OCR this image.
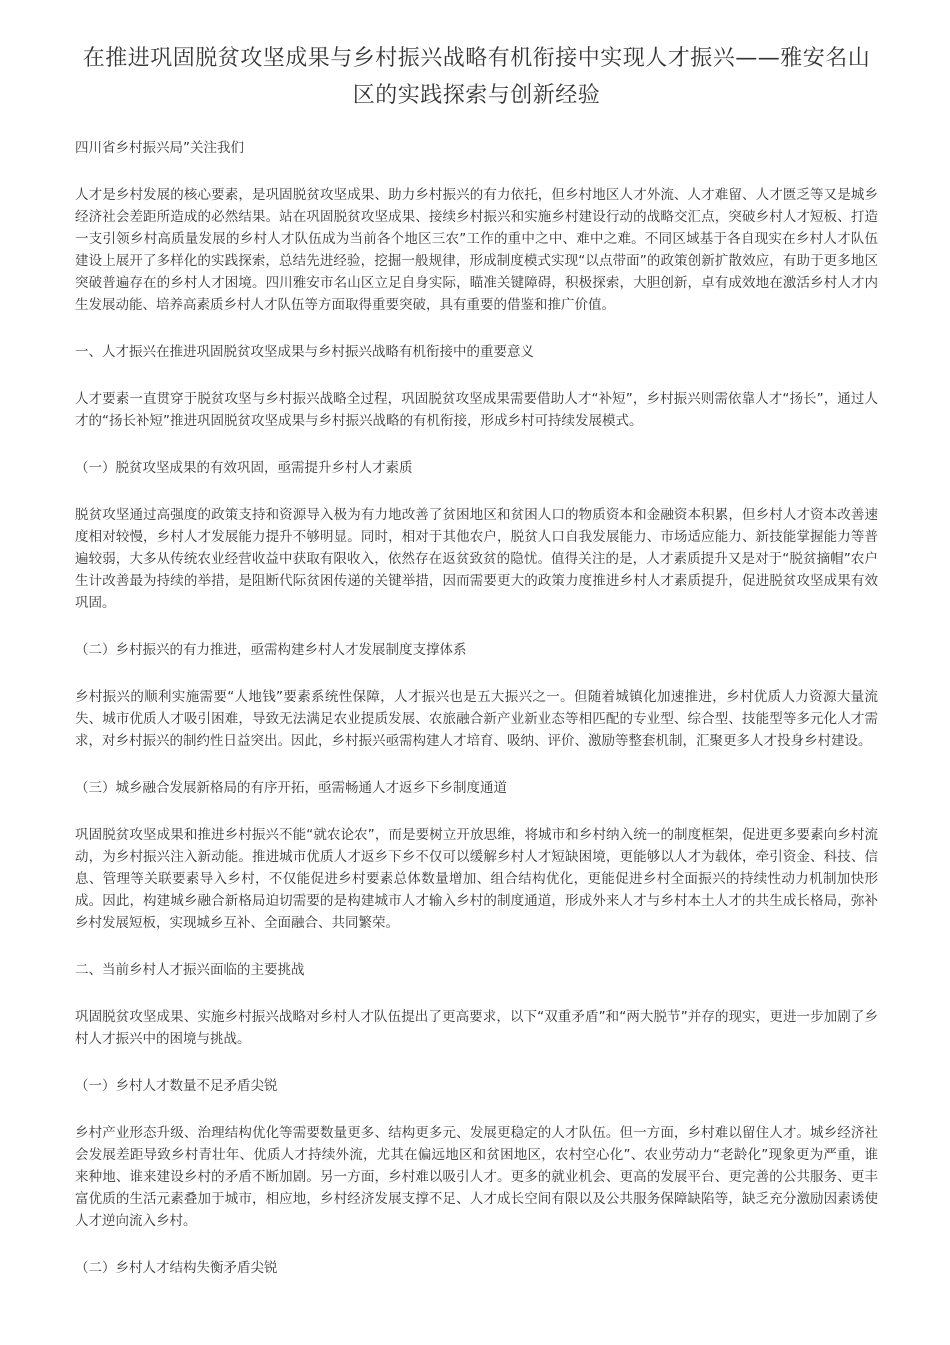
在推进巩固脱贫攻坚成果与乡村振兴战略有机衔接中实现人才振兴——雅安名山区的实践探索与创新经验

四川省乡村振兴局”关注我们

人才是乡村发展的核心要素，是巩固脱贫攻坚成果、助力乡村振兴的有力依托，但乡村地区人才外流、人才难留、人才匮乏等又是城乡经济社会差距所造成的必然结果。站在巩固脱贫攻坚成果、接续乡村振兴和实施乡村建设行动的战略交汇点，突破乡村人才短板、打造一支引领乡村高质量发展的乡村人才队伍成为当前各个地区三农”工作的重中之中、难中之难。不同区域基于各自现实在乡村人才队伍建设上展开了多样化的实践探索，总结先进经验，挖掘一般规律，形成制度模式实现“以点带面”的政策创新扩散效应，有助于更多地区突破普遍存在的乡村人才困境。四川雅安市名山区立足自身实际，瞄准关键障碍，积极探索，大胆创新，卓有成效地在激活乡村人才内生发展动能、培养高素质乡村人才队伍等方面取得重要突破，具有重要的借鉴和推广价值。

一、人才振兴在推进巩固脱贫攻坚成果与乡村振兴战略有机衔接中的重要意义

人才要素一直贯穿于脱贫攻坚与乡村振兴战略全过程，巩固脱贫攻坚成果需要借助人才“补短”，乡村振兴则需依靠人才“扬长”，通过人才的“扬长补短”推进巩固脱贫攻坚成果与乡村振兴战略的有机衔接，形成乡村可持续发展模式。

（一）脱贫攻坚成果的有效巩固，亟需提升乡村人才素质

脱贫攻坚通过高强度的政策支持和资源导入极为有力地改善了贫困地区和贫困人口的物质资本和金融资本积累，但乡村人才资本改善速度相对较慢，乡村人才发展能力提升不够明显。同时，相对于其他农户，脱贫人口自我发展能力、市场适应能力、新技能掌握能力等普遍较弱，大多从传统农业经营收益中获取有限收入，依然存在返贫致贫的隐忧。值得关注的是，人才素质提升又是对于“脱贫摘帽”农户生计改善最为持续的举措，是阻断代际贫困传递的关键举措，因而需要更大的政策力度推进乡村人才素质提升，促进脱贫攻坚成果有效巩固。

（二）乡村振兴的有力推进，亟需构建乡村人才发展制度支撑体系

乡村振兴的顺利实施需要“人地钱”要素系统性保障，人才振兴也是五大振兴之一。但随着城镇化加速推进，乡村优质人力资源大量流失、城市优质人才吸引困难，导致无法满足农业提质发展、农旅融合新产业新业态等相匹配的专业型、综合型、技能型等多元化人才需求，对乡村振兴的制约性日益突出。因此，乡村振兴亟需构建人才培育、吸纳、评价、激励等整套机制，汇聚更多人才投身乡村建设。

（三）城乡融合发展新格局的有序开拓，亟需畅通人才返乡下乡制度通道

巩固脱贫攻坚成果和推进乡村振兴不能“就农论农”，而是要树立开放思维，将城市和乡村纳入统一的制度框架，促进更多要素向乡村流动，为乡村振兴注入新动能。推进城市优质人才返乡下乡不仅可以缓解乡村人才短缺困境，更能够以人才为载体，牵引资金、科技、信息、管理等关联要素导入乡村，不仅能促进乡村要素总体数量增加、组合结构优化，更能促进乡村全面振兴的持续性动力机制加快形成。因此，构建城乡融合新格局迫切需要的是构建城市人才输入乡村的制度通道，形成外来人才与乡村本土人才的共生成长格局，弥补乡村发展短板，实现城乡互补、全面融合、共同繁荣。

二、当前乡村人才振兴面临的主要挑战

巩固脱贫攻坚成果、实施乡村振兴战略对乡村人才队伍提出了更高要求，以下“双重矛盾”和“两大脱节”并存的现实，更进一步加剧了乡村人才振兴中的困境与挑战。

（一）乡村人才数量不足矛盾尖锐

乡村产业形态升级、治理结构优化等需要数量更多、结构更多元、发展更稳定的人才队伍。但一方面，乡村难以留住人才。城乡经济社会发展差距导致乡村青壮年、优质人才持续外流，尤其在偏远地区和贫困地区，农村空心化”、农业劳动力“老龄化”现象更为严重，谁来种地、谁来建设乡村的矛盾不断加剧。另一方面，乡村难以吸引人才。更多的就业机会、更高的发展平台、更完善的公共服务、更丰富优质的生活元素叠加于城市，相应地，乡村经济发展支撑不足、人才成长空间有限以及公共服务保障缺陷等，缺乏充分激励因素诱使人才逆向流入乡村。

（二）乡村人才结构失衡矛盾尖锐
